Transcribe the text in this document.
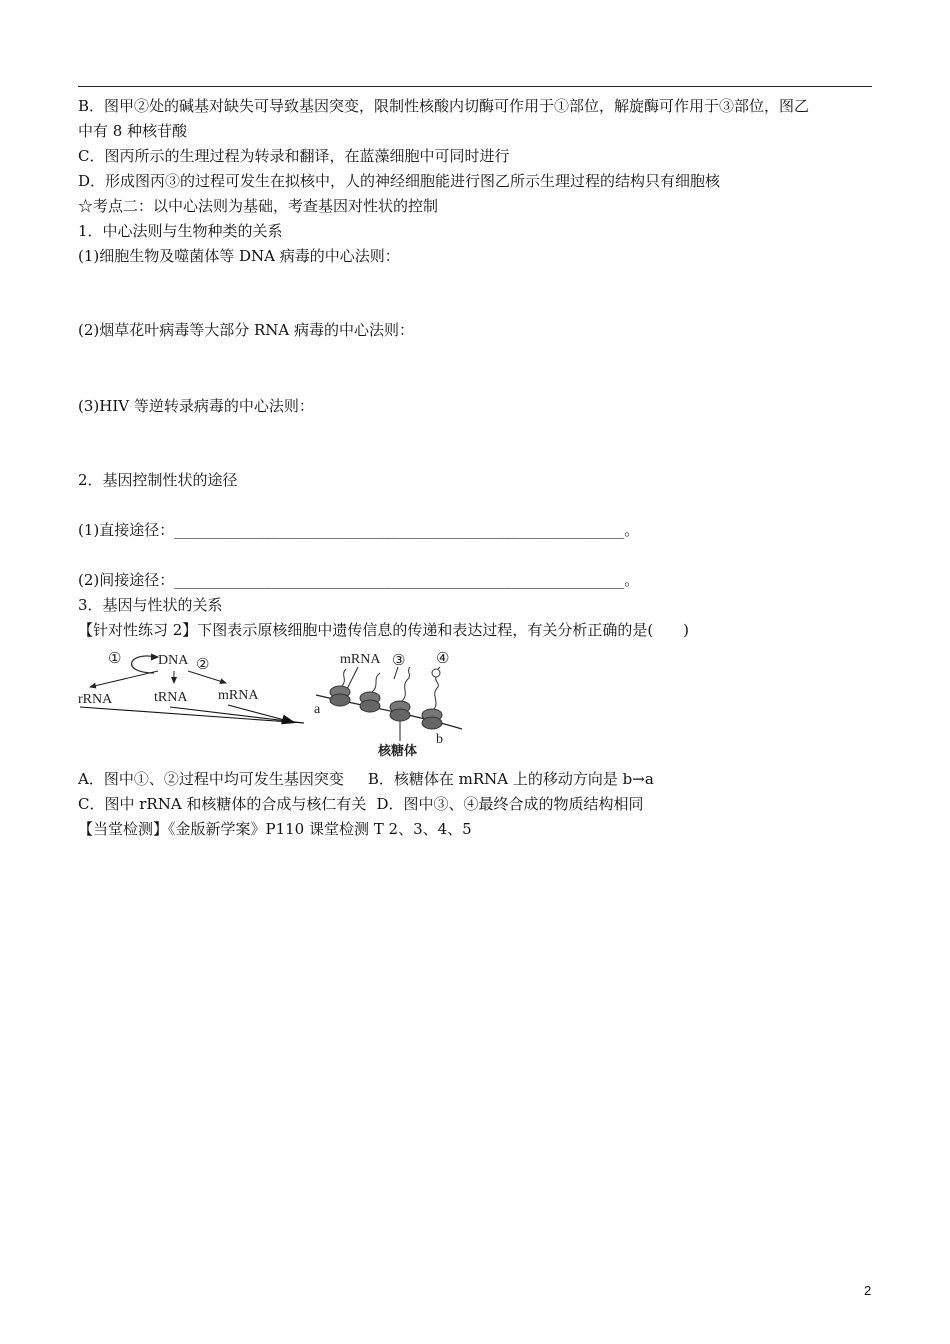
B．图甲②处的碱基对缺失可导致基因突变，限制性核酸内切酶可作用于①部位，解旋酶可作用于③部位，图乙
中有 8 种核苷酸
C．图丙所示的生理过程为转录和翻译，在蓝藻细胞中可同时进行
D．形成图丙③的过程可发生在拟核中，人的神经细胞能进行图乙所示生理过程的结构只有细胞核
☆考点二：以中心法则为基础，考查基因对性状的控制
1．中心法则与生物种类的关系
(1)细胞生物及噬菌体等 DNA 病毒的中心法则：
(2)烟草花叶病毒等大部分 RNA 病毒的中心法则：
(3)HIV 等逆转录病毒的中心法则：
2．基因控制性状的途径
(1)直接途径：____________________________________________________________。
(2)间接途径：____________________________________________________________。
3．基因与性状的关系
【针对性练习 2】下图表示原核细胞中遗传信息的传递和表达过程，有关分析正确的是(　　)
①	DNA ②
rRNA	tRNA mRNA
mRNA ③ ④
a
b
核糖体
A．图中①、②过程中均可发生基因突变 B．核糖体在 mRNA 上的移动方向是 b→a
C．图中 rRNA 和核糖体的合成与核仁有关 D．图中③、④最终合成的物质结构相同
【当堂检测】《金版新学案》P110 课堂检测 T 2、3、4、5
2
